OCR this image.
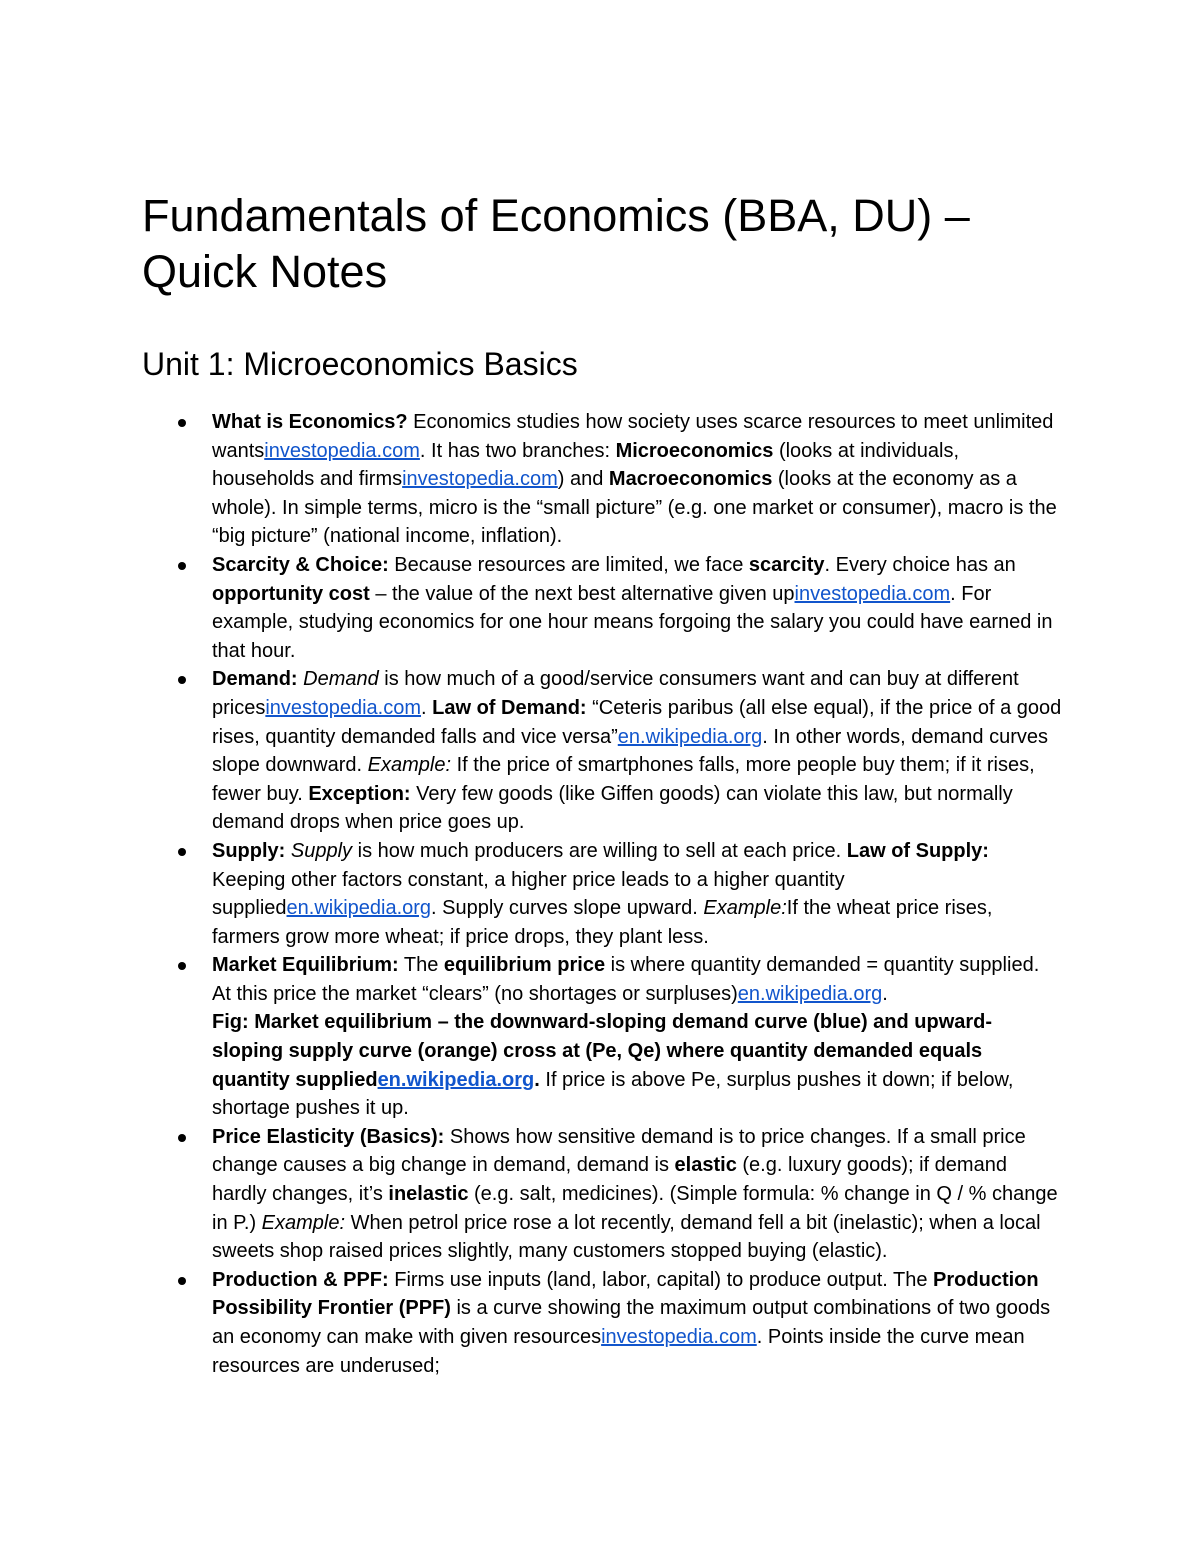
Fundamentals of Economics (BBA, DU) –
Quick Notes
Unit 1: Microeconomics Basics
What is Economics? Economics studies how society uses scarce resources to meet unlimited wantsinvestopedia.com. It has two branches: Microeconomics (looks at individuals, households and firmsinvestopedia.com) and Macroeconomics (looks at the economy as a whole). In simple terms, micro is the “small picture” (e.g. one market or consumer), macro is the “big picture” (national income, inflation).
Scarcity & Choice: Because resources are limited, we face scarcity. Every choice has an opportunity cost – the value of the next best alternative given upinvestopedia.com. For example, studying economics for one hour means forgoing the salary you could have earned in that hour.
Demand: Demand is how much of a good/service consumers want and can buy at different pricesinvestopedia.com. Law of Demand: “Ceteris paribus (all else equal), if the price of a good rises, quantity demanded falls and vice versa”en.wikipedia.org. In other words, demand curves slope downward. Example: If the price of smartphones falls, more people buy them; if it rises, fewer buy. Exception: Very few goods (like Giffen goods) can violate this law, but normally demand drops when price goes up.
Supply: Supply is how much producers are willing to sell at each price. Law of Supply: Keeping other factors constant, a higher price leads to a higher quantity supplieden.wikipedia.org. Supply curves slope upward. Example:If the wheat price rises, farmers grow more wheat; if price drops, they plant less.
Market Equilibrium: The equilibrium price is where quantity demanded = quantity supplied. At this price the market “clears” (no shortages or surpluses)en.wikipedia.org.
Fig: Market equilibrium – the downward-sloping demand curve (blue) and upward-sloping supply curve (orange) cross at (Pe, Qe) where quantity demanded equals quantity supplieden.wikipedia.org. If price is above Pe, surplus pushes it down; if below, shortage pushes it up.
Price Elasticity (Basics): Shows how sensitive demand is to price changes. If a small price change causes a big change in demand, demand is elastic (e.g. luxury goods); if demand hardly changes, it’s inelastic (e.g. salt, medicines). (Simple formula: % change in Q / % change in P.) Example: When petrol price rose a lot recently, demand fell a bit (inelastic); when a local sweets shop raised prices slightly, many customers stopped buying (elastic).
Production & PPF: Firms use inputs (land, labor, capital) to produce output. The Production Possibility Frontier (PPF) is a curve showing the maximum output combinations of two goods an economy can make with given resourcesinvestopedia.com. Points inside the curve mean resources are underused;
